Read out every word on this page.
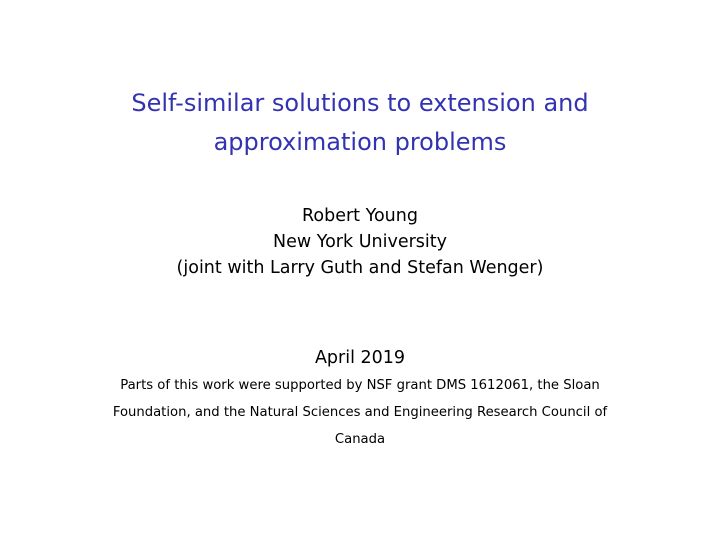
Self-similar solutions to extension and
approximation problems
Robert Young
New York University
(joint with Larry Guth and Stefan Wenger)
April 2019
Parts of this work were supported by NSF grant DMS 1612061, the Sloan
Foundation, and the Natural Sciences and Engineering Research Council of
Canada
